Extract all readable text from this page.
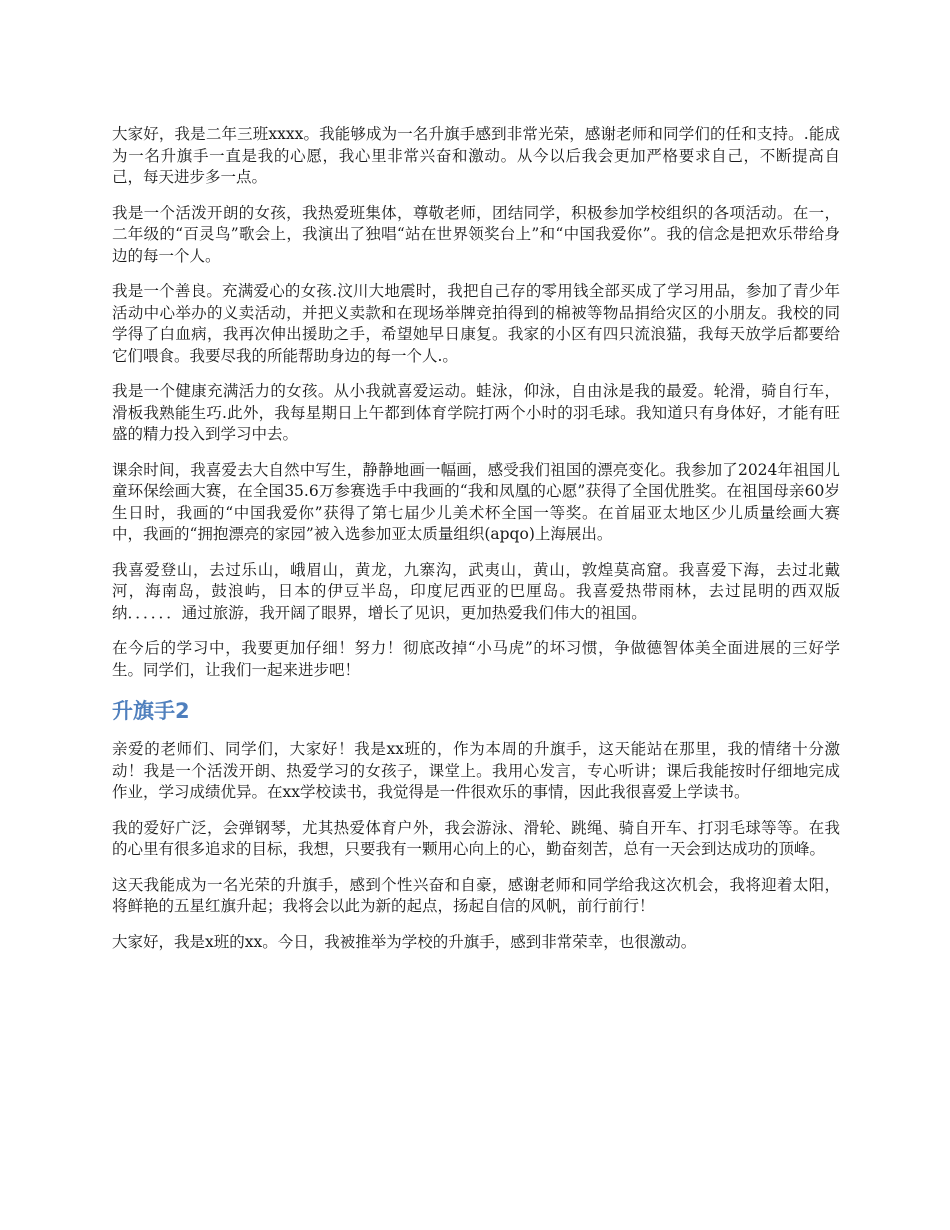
大家好，我是二年三班xxxx。我能够成为一名升旗手感到非常光荣，感谢老师和同学们的任和支持。.能成为一名升旗手一直是我的心愿，我心里非常兴奋和激动。从今以后我会更加严格要求自己，不断提高自己，每天进步多一点。

我是一个活泼开朗的女孩，我热爱班集体，尊敬老师，团结同学，积极参加学校组织的各项活动。在一，二年级的“百灵鸟”歌会上，我演出了独唱“站在世界领奖台上”和“中国我爱你”。我的信念是把欢乐带给身边的每一个人。

我是一个善良。充满爱心的女孩.汶川大地震时，我把自己存的零用钱全部买成了学习用品，参加了青少年活动中心举办的义卖活动，并把义卖款和在现场举牌竞拍得到的棉被等物品捐给灾区的小朋友。我校的同学得了白血病，我再次伸出援助之手，希望她早日康复。我家的小区有四只流浪猫，我每天放学后都要给它们喂食。我要尽我的所能帮助身边的每一个人.。

我是一个健康充满活力的女孩。从小我就喜爱运动。蛙泳，仰泳，自由泳是我的最爱。轮滑，骑自行车，滑板我熟能生巧.此外，我每星期日上午都到体育学院打两个小时的羽毛球。我知道只有身体好，才能有旺盛的精力投入到学习中去。

课余时间，我喜爱去大自然中写生，静静地画一幅画，感受我们祖国的漂亮变化。我参加了2024年祖国儿童环保绘画大赛，在全国35.6万参赛选手中我画的“我和凤凰的心愿”获得了全国优胜奖。在祖国母亲60岁生日时，我画的“中国我爱你”获得了第七届少儿美术杯全国一等奖。在首届亚太地区少儿质量绘画大赛中，我画的“拥抱漂亮的家园”被入选参加亚太质量组织(apqo)上海展出。

我喜爱登山，去过乐山，峨眉山，黄龙，九寨沟，武夷山，黄山，敦煌莫高窟。我喜爱下海，去过北戴河，海南岛，鼓浪屿，日本的伊豆半岛，印度尼西亚的巴厘岛。我喜爱热带雨林，去过昆明的西双版纳．．．．．．通过旅游，我开阔了眼界，增长了见识，更加热爱我们伟大的祖国。

在今后的学习中，我要更加仔细！努力！彻底改掉“小马虎”的坏习惯，争做德智体美全面进展的三好学生。同学们，让我们一起来进步吧！

升旗手2

亲爱的老师们、同学们，大家好！我是xx班的，作为本周的升旗手，这天能站在那里，我的情绪十分激动！我是一个活泼开朗、热爱学习的女孩子，课堂上。我用心发言，专心听讲；课后我能按时仔细地完成作业，学习成绩优异。在xx学校读书，我觉得是一件很欢乐的事情，因此我很喜爱上学读书。

我的爱好广泛，会弹钢琴，尤其热爱体育户外，我会游泳、滑轮、跳绳、骑自开车、打羽毛球等等。在我的心里有很多追求的目标，我想，只要我有一颗用心向上的心，勤奋刻苦，总有一天会到达成功的顶峰。

这天我能成为一名光荣的升旗手，感到个性兴奋和自豪，感谢老师和同学给我这次机会，我将迎着太阳，将鲜艳的五星红旗升起；我将会以此为新的起点，扬起自信的风帆，前行前行！

大家好，我是x班的xx。今日，我被推举为学校的升旗手，感到非常荣幸，也很激动。
